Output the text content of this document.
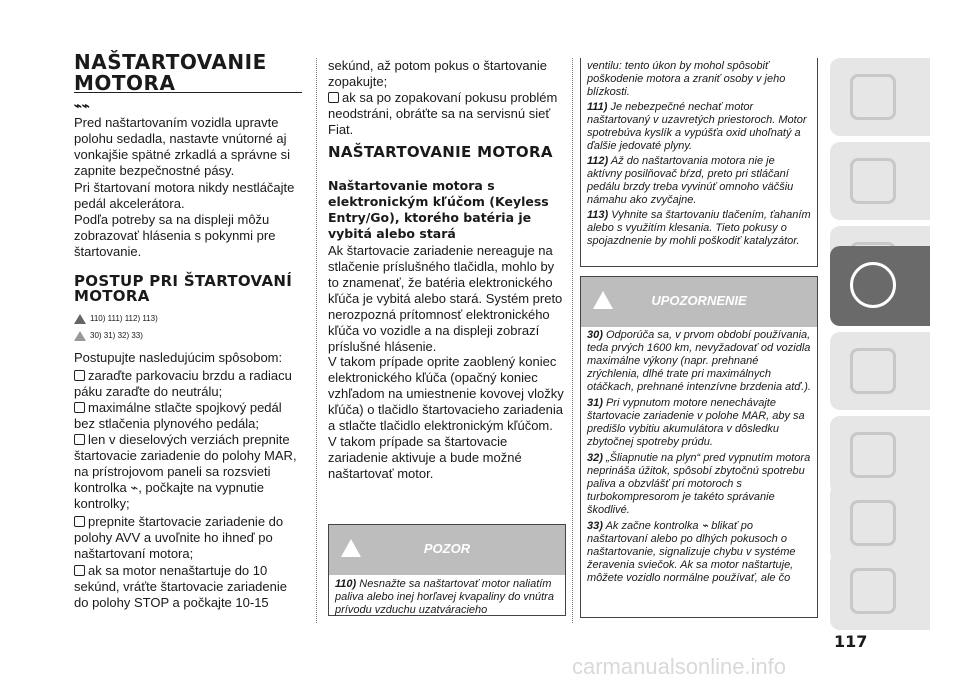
NAŠTARTOVANIE MOTORA
⌁⌁

Pred naštartovaním vozidla upravte polohu sedadla, nastavte vnútorné aj vonkajšie spätné zrkadlá a správne si zapnite bezpečnostné pásy.

Pri štartovaní motora nikdy nestláčajte pedál akcelerátora.

Podľa potreby sa na displeji môžu zobrazovať hlásenia s pokynmi pre štartovanie.

POSTUP PRI ŠTARTOVANÍ MOTORA
110) 111) 112) 113)
30) 31) 32) 33)

Postupujte nasledujúcim spôsobom:

zaraďte parkovaciu brzdu a radiacu páku zaraďte do neutrálu;

maximálne stlačte spojkový pedál bez stlačenia plynového pedála;

len v dieselových verziách prepnite štartovacie zariadenie do polohy MAR, na prístrojovom paneli sa rozsvieti kontrolka ⌁, počkajte na vypnutie kontrolky;

prepnite štartovacie zariadenie do polohy AVV a uvoľnite ho ihneď po naštartovaní motora;

ak sa motor nenaštartuje do 10 sekúnd, vráťte štartovacie zariadenie do polohy STOP a počkajte 10-15

sekúnd, až potom pokus o štartovanie zopakujte;

ak sa po zopakovaní pokusu problém neodstráni, obráťte sa na servisnú sieť Fiat.

NAŠTARTOVANIE MOTORA
Naštartovanie motora s elektronickým kľúčom (Keyless Entry/Go), ktorého batéria je vybitá alebo stará

Ak štartovacie zariadenie nereaguje na stlačenie príslušného tlačidla, mohlo by to znamenať, že batéria elektronického kľúča je vybitá alebo stará. Systém preto nerozpozná prítomnosť elektronického kľúča vo vozidle a na displeji zobrazí príslušné hlásenie.

V takom prípade oprite zaoblený koniec elektronického kľúča (opačný koniec vzhľadom na umiestnenie kovovej vložky kľúča) o tlačidlo štartovacieho zariadenia a stlačte tlačidlo elektronickým kľúčom. V takom prípade sa štartovacie zariadenie aktivuje a bude možné naštartovať motor.

POZOR

110) Nesnažte sa naštartovať motor naliatím paliva alebo inej horľavej kvapaliny do vnútra prívodu vzduchu uzatváracieho

ventilu: tento úkon by mohol spôsobiť poškodenie motora a zraniť osoby v jeho blízkosti.

111) Je nebezpečné nechať motor naštartovaný v uzavretých priestoroch. Motor spotrebúva kyslík a vypúšťa oxid uhoľnatý a ďalšie jedovaté plyny.

112) Až do naštartovania motora nie je aktívny posilňovač bŕzd, preto pri stláčaní pedálu brzdy treba vyvinúť omnoho väčšiu námahu ako zvyčajne.

113) Vyhnite sa štartovaniu tlačením, ťahaním alebo s využitím klesania. Tieto pokusy o spojazdnenie by mohli poškodiť katalyzátor.

UPOZORNENIE

30) Odporúča sa, v prvom období používania, teda prvých 1600 km, nevyžadovať od vozidla maximálne výkony (napr. prehnané zrýchlenia, dlhé trate pri maximálnych otáčkach, prehnané intenzívne brzdenia atď.).

31) Pri vypnutom motore nenechávajte štartovacie zariadenie v polohe MAR, aby sa predišlo vybitiu akumulátora v dôsledku zbytočnej spotreby prúdu.

32) „Šliapnutie na plyn“ pred vypnutím motora neprináša úžitok, spôsobí zbytočnú spotrebu paliva a obzvlášť pri motoroch s turbokompresorom je takéto správanie škodlivé.

33) Ak začne kontrolka ⌁ blikať po naštartovaní alebo po dlhých pokusoch o naštartovanie, signalizuje chybu v systéme žeravenia sviečok. Ak sa motor naštartuje, môžete vozidlo normálne používať, ale čo

117
carmanualsonline.info
